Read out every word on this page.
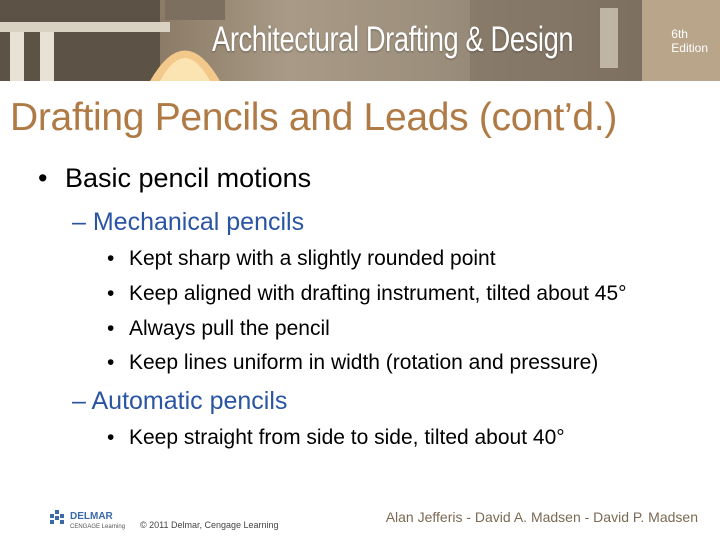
Architectural Drafting & Design	6th
Edition
Drafting Pencils and Leads (cont’d.)
• Basic pencil motions
– Mechanical pencils
• Kept sharp with a slightly rounded point
• Keep aligned with drafting instrument, tilted about 45°
• Always pull the pencil
• Keep lines uniform in width (rotation and pressure)
– Automatic pencils
• Keep straight from side to side, tilted about 40°
DELMAR
CENGAGE Learning © 2011 Delmar, Cengage Learning	Alan Jefferis - David A. Madsen - David P. Madsen
